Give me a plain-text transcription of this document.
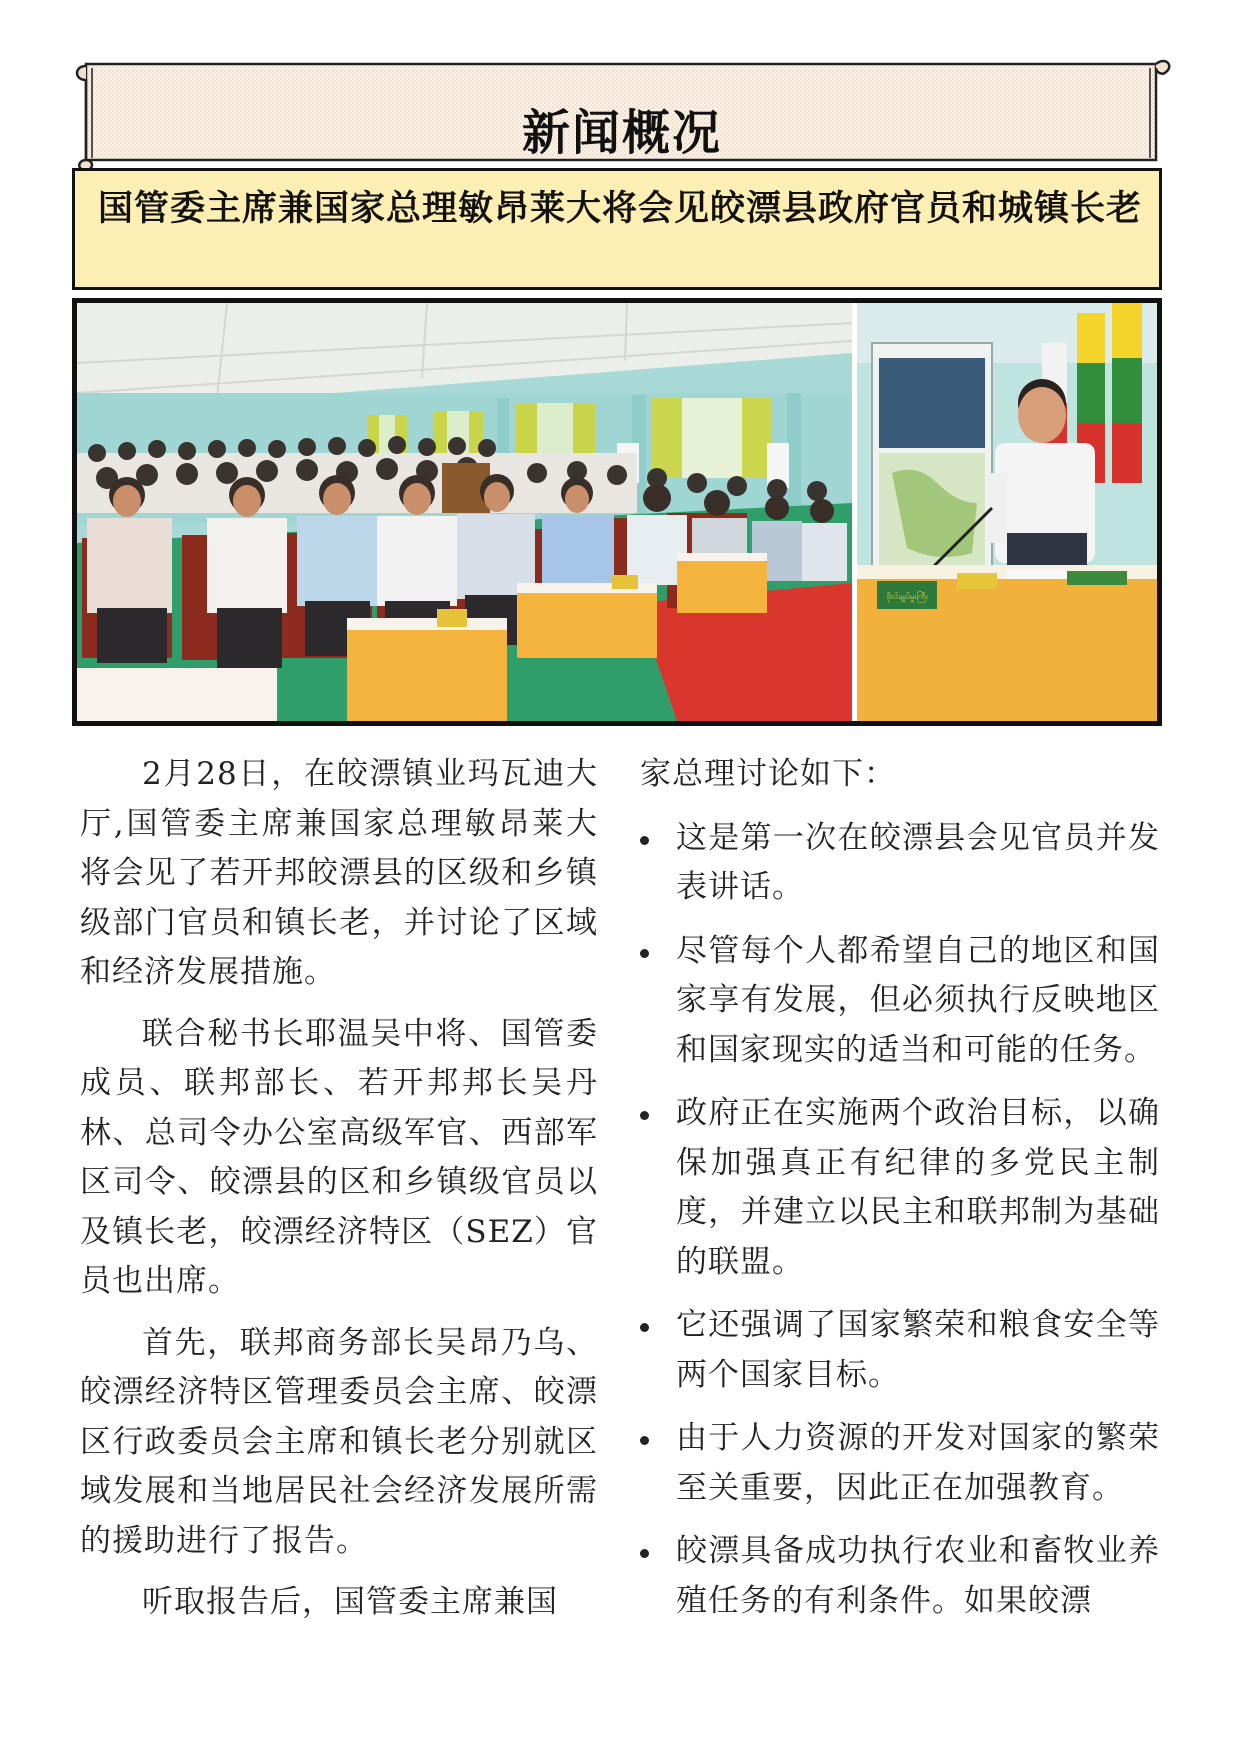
新闻概况
国管委主席兼国家总理敏昂莱大将会见皎漂县政府官员和城镇长老
ဗိုလ်ချုပ်မှူးကြီး

2月28日，在皎漂镇业玛瓦迪大厅,国管委主席兼国家总理敏昂莱大将会见了若开邦皎漂县的区级和乡镇级部门官员和镇长老，并讨论了区域和经济发展措施。

联合秘书长耶温吴中将、国管委成员、联邦部长、若开邦邦长吴丹林、总司令办公室高级军官、西部军区司令、皎漂县的区和乡镇级官员以及镇长老，皎漂经济特区（SEZ）官员也出席。

首先，联邦商务部长吴昂乃乌、皎漂经济特区管理委员会主席、皎漂区行政委员会主席和镇长老分别就区域发展和当地居民社会经济发展所需的援助进行了报告。

听取报告后，国管委主席兼国

家总理讨论如下：

这是第一次在皎漂县会见官员并发表讲话。
尽管每个人都希望自己的地区和国家享有发展，但必须执行反映地区和国家现实的适当和可能的任务。
政府正在实施两个政治目标，以确保加强真正有纪律的多党民主制度，并建立以民主和联邦制为基础的联盟。
它还强调了国家繁荣和粮食安全等两个国家目标。
由于人力资源的开发对国家的繁荣至关重要，因此正在加强教育。
皎漂具备成功执行农业和畜牧业养殖任务的有利条件。如果皎漂
